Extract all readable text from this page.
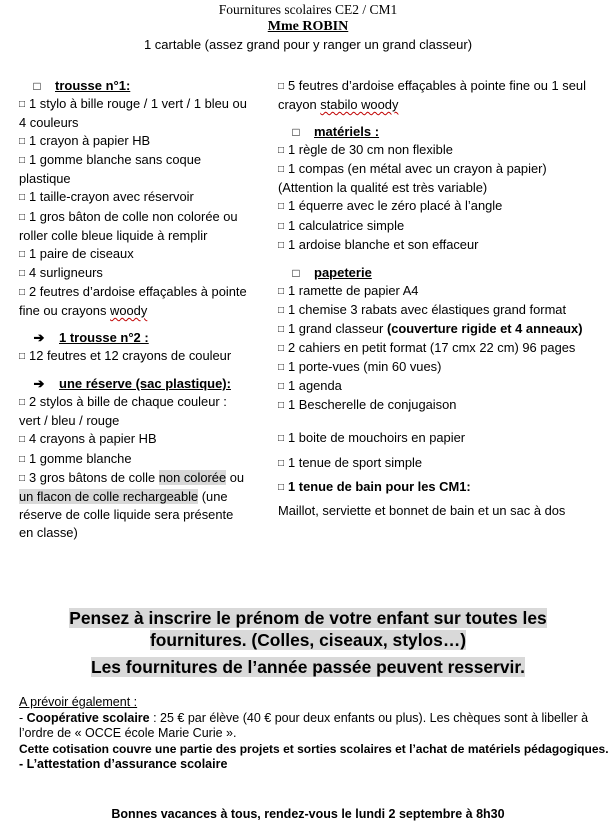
Fournitures scolaires CE2 / CM1
Mme ROBIN
1 cartable (assez grand pour y ranger un grand classeur)
□ trousse n°1:
□ 1 stylo à bille rouge / 1 vert / 1 bleu ou
4 couleurs
□ 1 crayon à papier HB
□ 1 gomme blanche sans coque
plastique
□ 1 taille-crayon avec réservoir
□ 1 gros bâton de colle non colorée ou
roller colle bleue liquide à remplir
□ 1 paire de ciseaux
□ 4 surligneurs
□ 2 feutres d’ardoise effaçables à pointe
fine ou crayons woody
➔ 1 trousse n°2 :
□ 12 feutres et 12 crayons de couleur
➔ une réserve (sac plastique):
□ 2 stylos à bille de chaque couleur :
vert / bleu / rouge
□ 4 crayons à papier HB
□ 1 gomme blanche
□ 3 gros bâtons de colle non colorée ou
un flacon de colle rechargeable (une
réserve de colle liquide sera présente
en classe)
□ 5 feutres d’ardoise effaçables à pointe fine ou 1 seul
crayon stabilo woody
□ matériels :
□ 1 règle de 30 cm non flexible
□ 1 compas (en métal avec un crayon à papier)
(Attention la qualité est très variable)
□ 1 équerre avec le zéro placé à l’angle
□ 1 calculatrice simple
□ 1 ardoise blanche et son effaceur
□ papeterie
□ 1 ramette de papier A4
□ 1 chemise 3 rabats avec élastiques grand format
□ 1 grand classeur (couverture rigide et 4 anneaux)
□ 2 cahiers en petit format (17 cmx 22 cm) 96 pages
□ 1 porte-vues (min 60 vues)
□ 1 agenda
□ 1 Bescherelle de conjugaison
□ 1 boite de mouchoirs en papier
□ 1 tenue de sport simple
□ 1 tenue de bain pour les CM1:
Maillot, serviette et bonnet de bain et un sac à dos
Pensez à inscrire le prénom de votre enfant sur toutes les
fournitures. (Colles, ciseaux, stylos…)
Les fournitures de l’année passée peuvent resservir.
A prévoir également :
- Coopérative scolaire : 25 € par élève (40 € pour deux enfants ou plus). Les chèques sont à libeller à l’ordre de « OCCE école Marie Curie ».
Cette cotisation couvre une partie des projets et sorties scolaires et l’achat de matériels pédagogiques.
- L’attestation d’assurance scolaire
Bonnes vacances à tous, rendez-vous le lundi 2 septembre à 8h30
